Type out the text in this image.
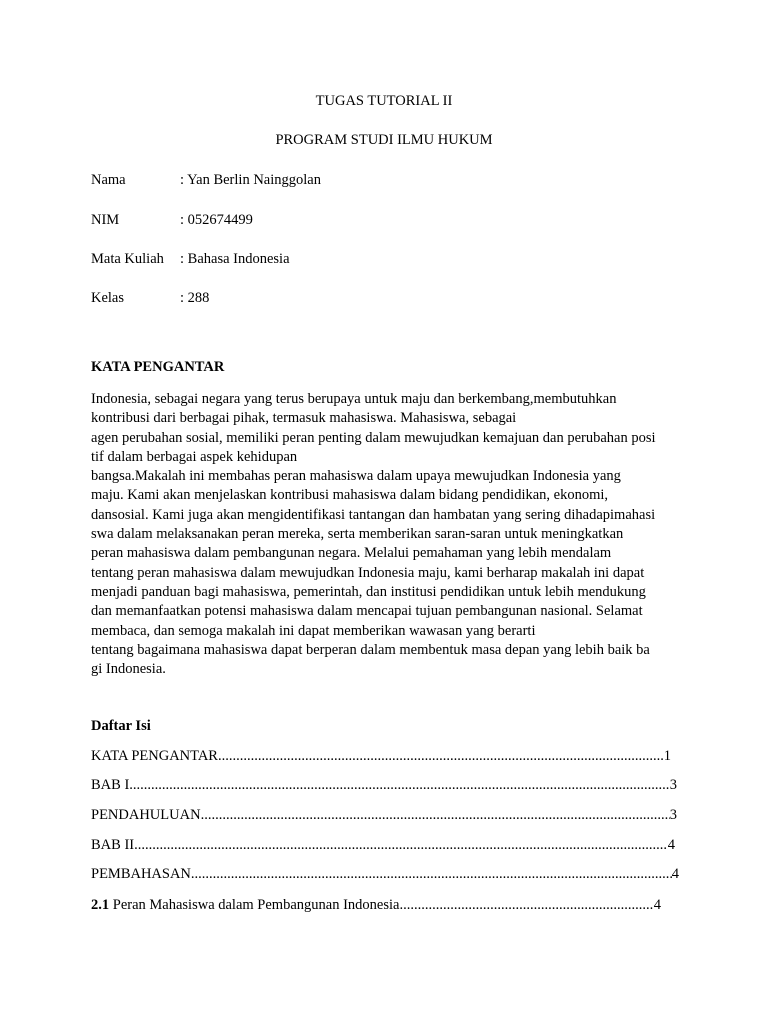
TUGAS TUTORIAL II
PROGRAM STUDI ILMU HUKUM
Nama	: Yan Berlin Nainggolan
NIM	: 052674499
Mata Kuliah : Bahasa Indonesia
Kelas	: 288
KATA PENGANTAR
Indonesia, sebagai negara yang terus berupaya untuk maju dan berkembang,membutuhkan
kontribusi dari berbagai pihak, termasuk mahasiswa. Mahasiswa, sebagai
agen perubahan sosial, memiliki peran penting dalam mewujudkan kemajuan dan perubahan posi
tif dalam berbagai aspek kehidupan
bangsa.Makalah ini membahas peran mahasiswa dalam upaya mewujudkan Indonesia yang
maju. Kami akan menjelaskan kontribusi mahasiswa dalam bidang pendidikan, ekonomi,
dansosial. Kami juga akan mengidentifikasi tantangan dan hambatan yang sering dihadapimahasi
swa dalam melaksanakan peran mereka, serta memberikan saran-saran untuk meningkatkan
peran mahasiswa dalam pembangunan negara. Melalui pemahaman yang lebih mendalam
tentang peran mahasiswa dalam mewujudkan Indonesia maju, kami berharap makalah ini dapat
menjadi panduan bagi mahasiswa, pemerintah, dan institusi pendidikan untuk lebih mendukung
dan memanfaatkan potensi mahasiswa dalam mencapai tujuan pembangunan nasional. Selamat
membaca, dan semoga makalah ini dapat memberikan wawasan yang berarti
tentang bagaimana mahasiswa dapat berperan dalam membentuk masa depan yang lebih baik ba
gi Indonesia.
Daftar Isi
KATA PENGANTAR .....	1
BAB I .....	3
PENDAHULUAN .....	3
BAB II .....	4
PEMBAHASAN .....	4
2.1 Peran Mahasiswa dalam Pembangunan Indonesia .....	4
